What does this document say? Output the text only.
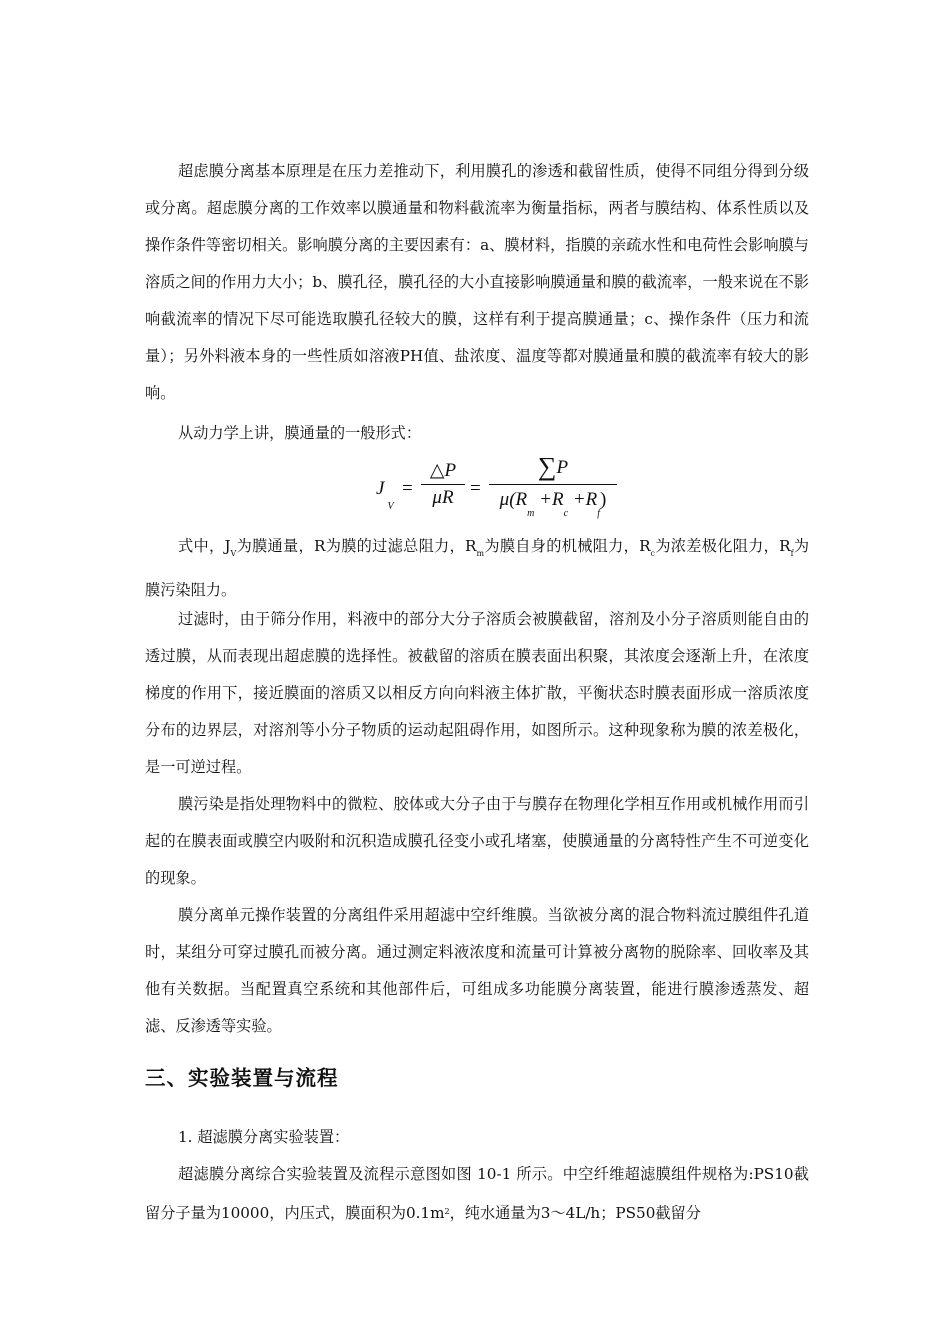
超虑膜分离基本原理是在压力差推动下，利用膜孔的渗透和截留性质，使得不同组分得到分级或分离。超虑膜分离的工作效率以膜通量和物料截流率为衡量指标，两者与膜结构、体系性质以及操作条件等密切相关。影响膜分离的主要因素有：a、膜材料，指膜的亲疏水性和电荷性会影响膜与溶质之间的作用力大小；b、膜孔径，膜孔径的大小直接影响膜通量和膜的截流率，一般来说在不影响截流率的情况下尽可能选取膜孔径较大的膜，这样有利于提高膜通量；c、操作条件（压力和流量）；另外料液本身的一些性质如溶液PH值、盐浓度、温度等都对膜通量和膜的截流率有较大的影响。

从动力学上讲，膜通量的一般形式：

$J_V$
=
△P
μR =
∑P
$\mu(R_m +R_c +R_f)$

式中，$J_V$为膜通量，R为膜的过滤总阻力，$R_m$为膜自身的机械阻力，$R_c$为浓差极化阻力，$R_f$为膜污染阻力。

过滤时，由于筛分作用，料液中的部分大分子溶质会被膜截留，溶剂及小分子溶质则能自由的透过膜，从而表现出超虑膜的选择性。被截留的溶质在膜表面出积聚，其浓度会逐渐上升，在浓度梯度的作用下，接近膜面的溶质又以相反方向向料液主体扩散，平衡状态时膜表面形成一溶质浓度分布的边界层，对溶剂等小分子物质的运动起阻碍作用，如图所示。这种现象称为膜的浓差极化，是一可逆过程。

膜污染是指处理物料中的微粒、胶体或大分子由于与膜存在物理化学相互作用或机械作用而引起的在膜表面或膜空内吸附和沉积造成膜孔径变小或孔堵塞，使膜通量的分离特性产生不可逆变化的现象。

膜分离单元操作装置的分离组件采用超滤中空纤维膜。当欲被分离的混合物料流过膜组件孔道时，某组分可穿过膜孔而被分离。通过测定料液浓度和流量可计算被分离物的脱除率、回收率及其他有关数据。当配置真空系统和其他部件后，可组成多功能膜分离装置，能进行膜渗透蒸发、超滤、反渗透等实验。

三、实验装置与流程

1. 超滤膜分离实验装置：

超滤膜分离综合实验装置及流程示意图如图 10-1 所示。中空纤维超滤膜组件规格为:PS10截留分子量为10000，内压式，膜面积为$0.1m^2$，纯水通量为3～4L/h；PS50截留分
